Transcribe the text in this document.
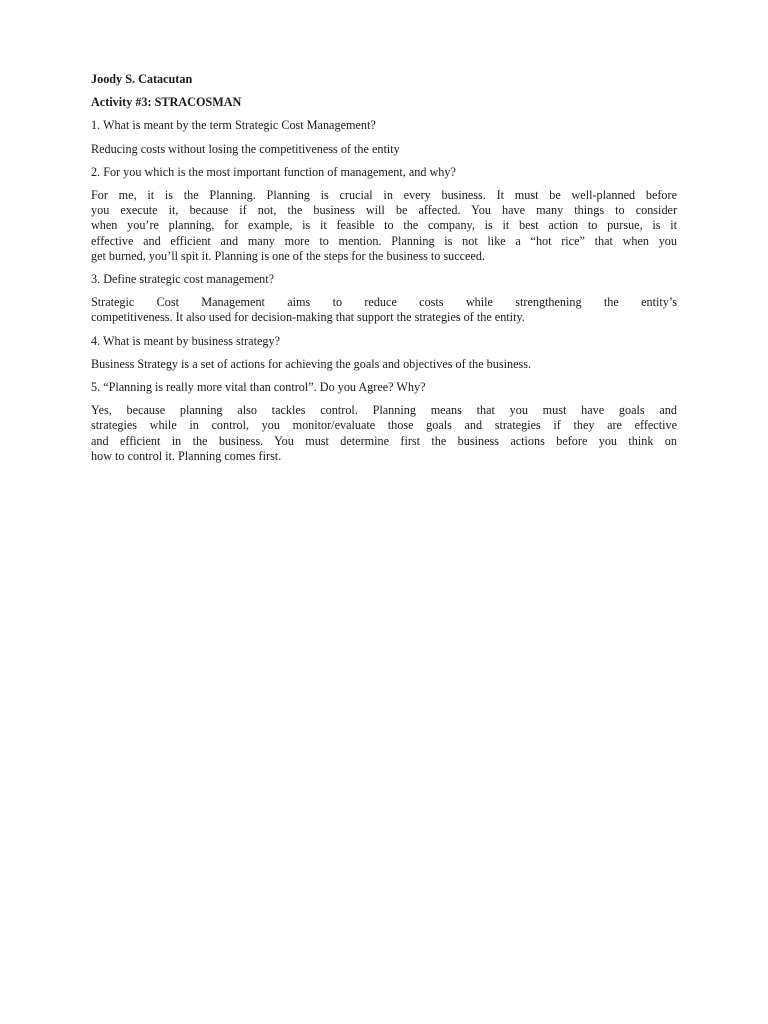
Joody S. Catacutan
Activity #3: STRACOSMAN
1. What is meant by the term Strategic Cost Management?
Reducing costs without losing the competitiveness of the entity
2. For you which is the most important function of management, and why?
For me, it is the Planning. Planning is crucial in every business. It must be well-planned before
you execute it, because if not, the business will be affected. You have many things to consider
when you’re planning, for example, is it feasible to the company, is it best action to pursue, is it
effective and efficient and many more to mention. Planning is not like a “hot rice” that when you
get burned, you’ll spit it. Planning is one of the steps for the business to succeed.
3. Define strategic cost management?
Strategic Cost Management aims to reduce costs while strengthening the entity’s
competitiveness. It also used for decision-making that support the strategies of the entity.
4. What is meant by business strategy?
Business Strategy is a set of actions for achieving the goals and objectives of the business.
5. “Planning is really more vital than control”. Do you Agree? Why?
Yes, because planning also tackles control. Planning means that you must have goals and
strategies while in control, you monitor/evaluate those goals and strategies if they are effective
and efficient in the business. You must determine first the business actions before you think on
how to control it. Planning comes first.
